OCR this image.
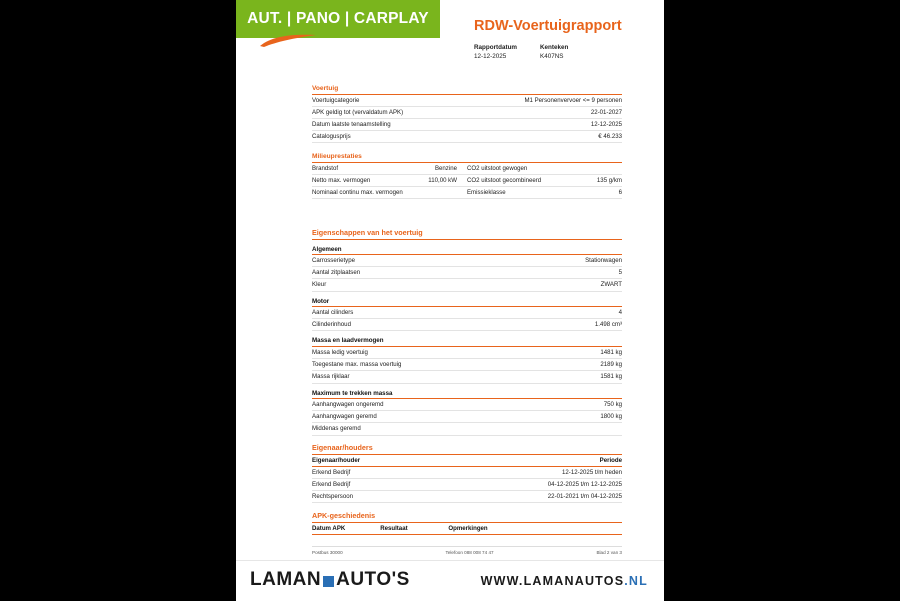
AUT. | PANO | CARPLAY	RDW-Voertuigrapport
Rapportdatum	Kenteken
12-12-2025	K407NS
Voertuig
Voertuigcategorie	M1 Personenvervoer <= 9 personen
APK geldig tot (vervaldatum APK)	22-01-2027
Datum laatste tenaamstelling	12-12-2025
Catalogusprijs	€ 46.233
Milieuprestaties
Brandstof	Benzine	CO2 uitstoot gewogen	
Netto max. vermogen	110,00 kW	CO2 uitstoot gecombineerd	135 g/km
Nominaal continu max. vermogen		Emissieklasse	6
Eigenschappen van het voertuig
Algemeen
Carrosserietype	Stationwagen
Aantal zitplaatsen	5
Kleur	ZWART
Motor
Aantal cilinders	4
Cilinderinhoud	1.498 cm³
Massa en laadvermogen
Massa ledig voertuig	1481 kg
Toegestane max. massa voertuig	2189 kg
Massa rijklaar	1581 kg
Maximum te trekken massa
Aanhangwagen ongeremd	750 kg
Aanhangwagen geremd	1800 kg
Middenas geremd	
Eigenaar/houders
Eigenaar/houder	Periode
Erkend Bedrijf	12-12-2025 t/m heden
Erkend Bedrijf	04-12-2025 t/m 12-12-2025
Rechtspersoon	22-01-2021 t/m 04-12-2025
APK-geschiedenis
Datum APK	Resultaat	Opmerkingen
Postbus 30000	Telefoon 088 008 74 47	Blad 2 van 3
LAMAN AUTO'S	WWW.LAMANAUTOS.NL
